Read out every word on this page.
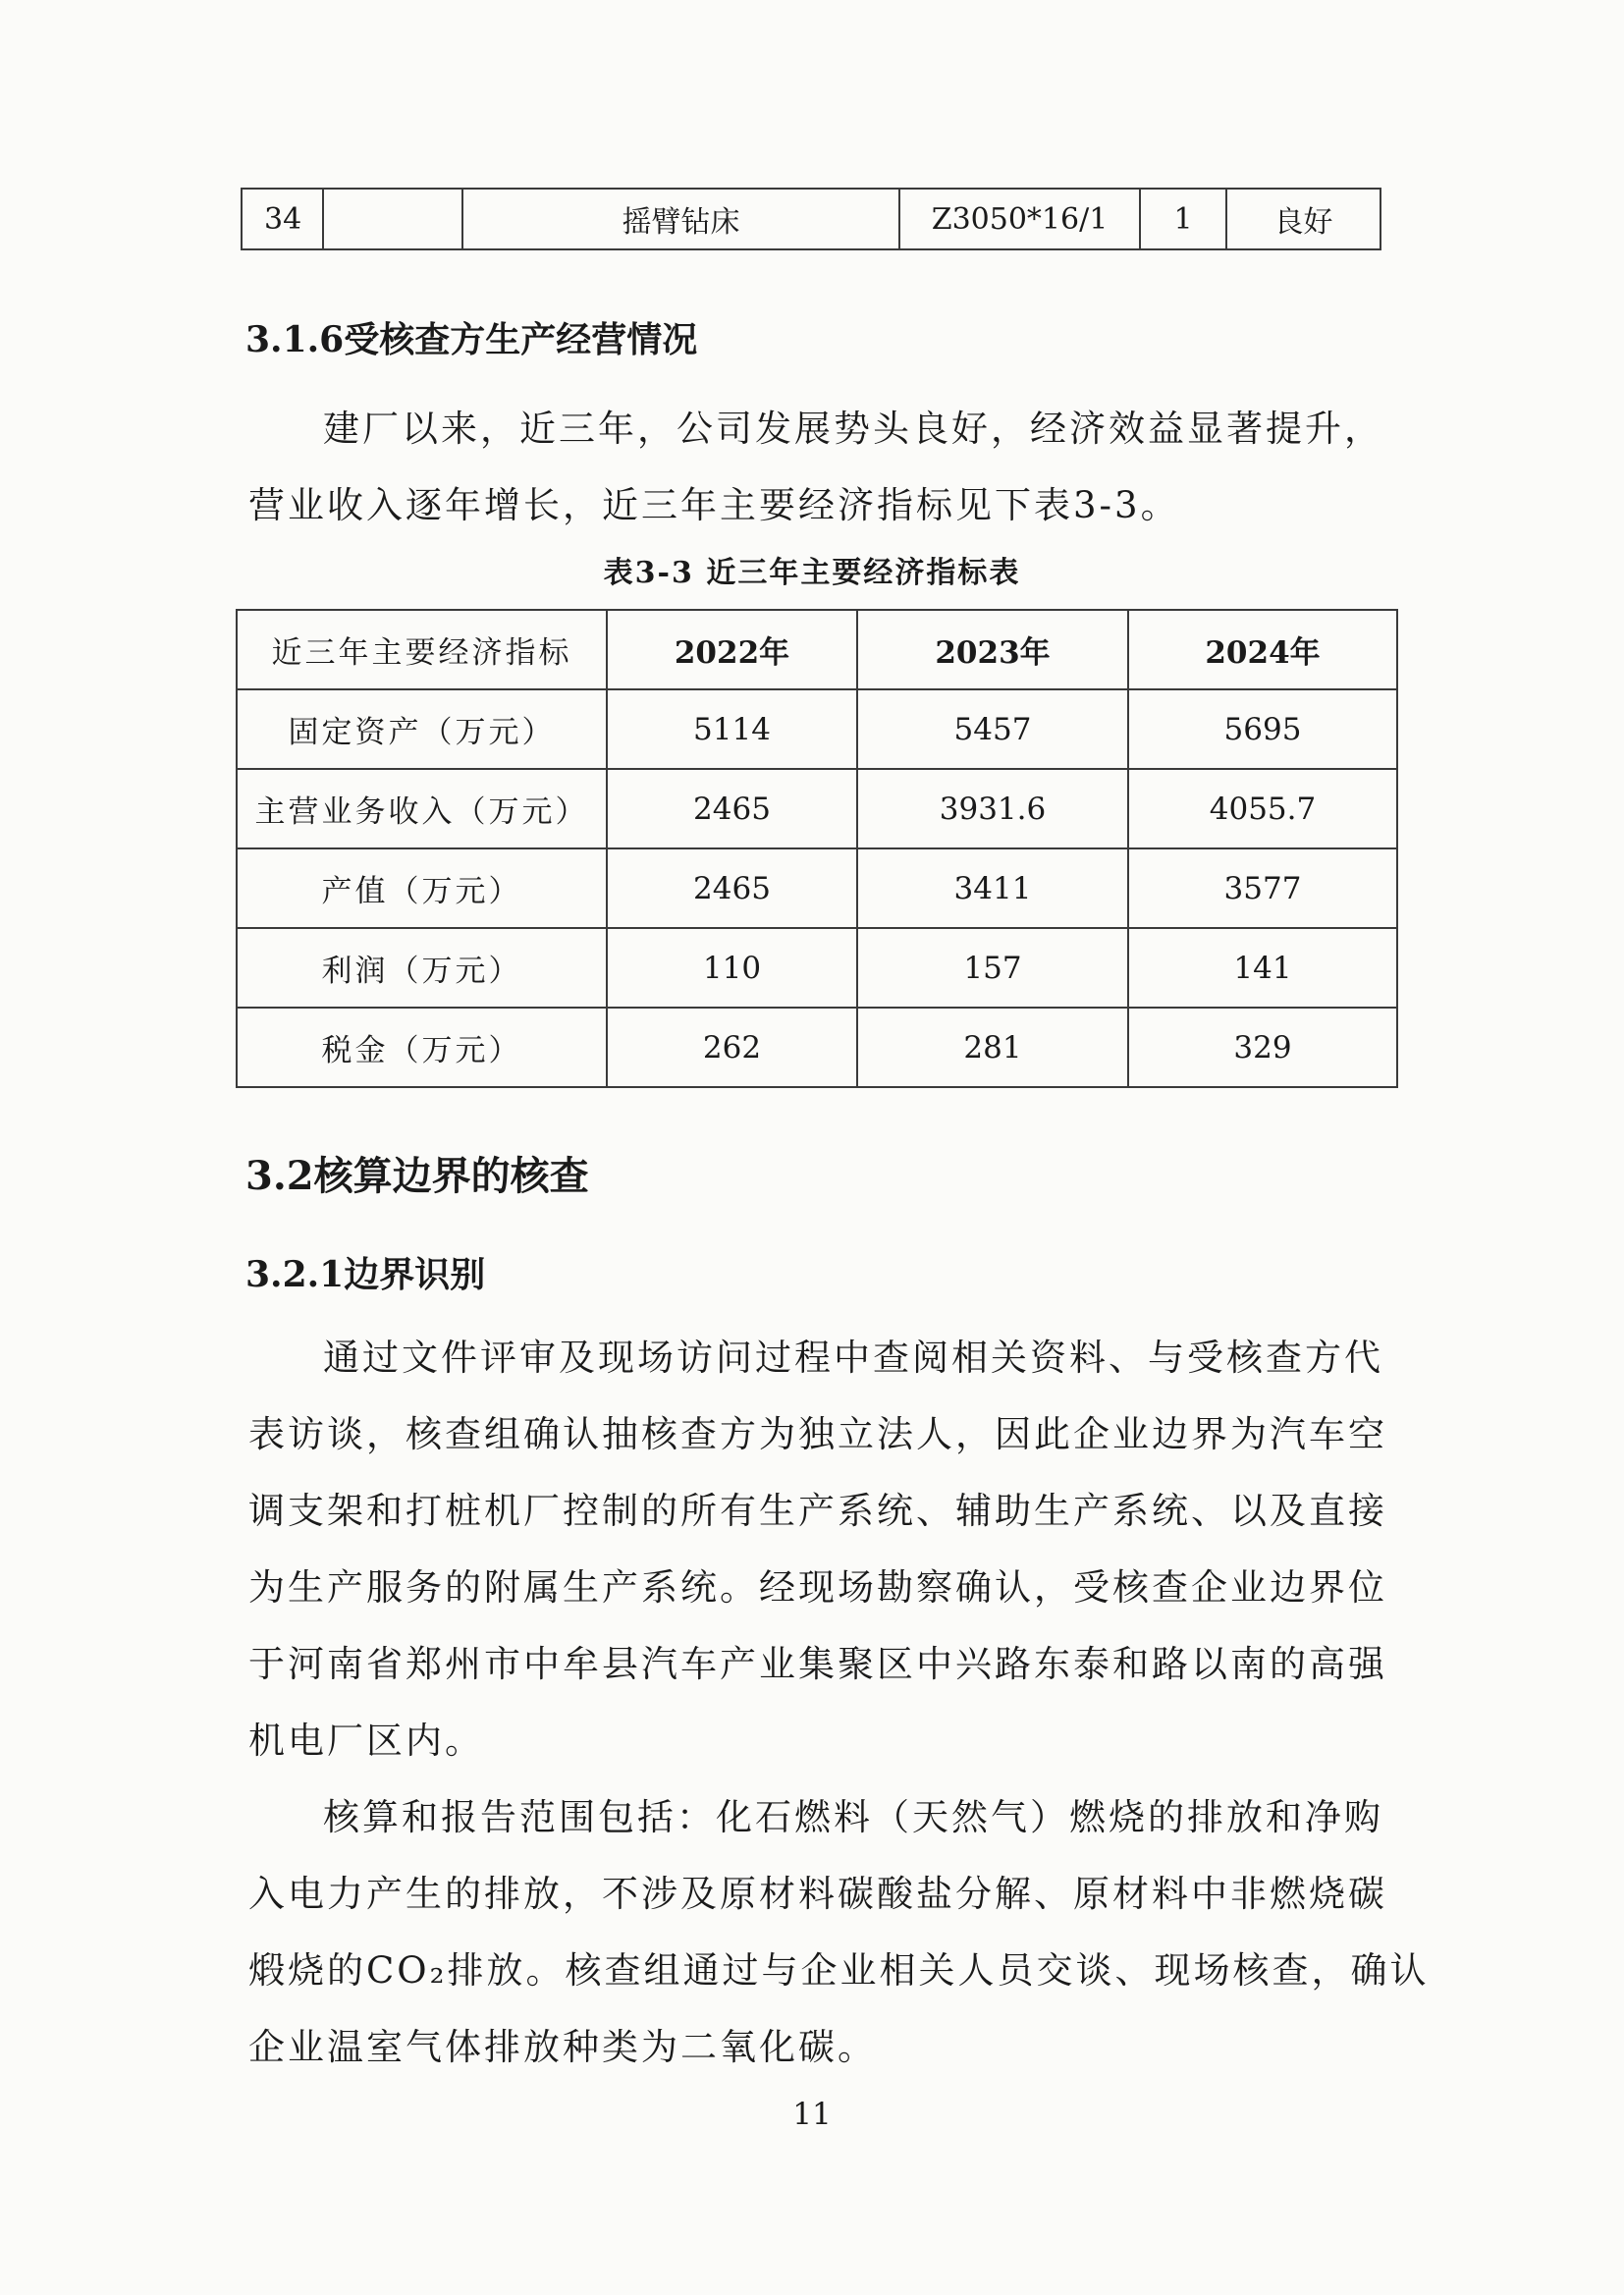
34		摇臂钻床	Z3050*16/1	1	良好
3.1.6受核查方生产经营情况
建厂以来，近三年，公司发展势头良好，经济效益显著提升，
营业收入逐年增长，近三年主要经济指标见下表3-3。
表3-3 近三年主要经济指标表
近三年主要经济指标	2022年	2023年	2024年
固定资产（万元）	5114	5457	5695
主营业务收入（万元）	2465	3931.6	4055.7
产值（万元）	2465	3411	3577
利润（万元）	110	157	141
税金（万元）	262	281	329
3.2核算边界的核查
3.2.1边界识别
通过文件评审及现场访问过程中查阅相关资料、与受核查方代
表访谈，核查组确认抽核查方为独立法人，因此企业边界为汽车空
调支架和打桩机厂控制的所有生产系统、辅助生产系统、以及直接
为生产服务的附属生产系统。经现场勘察确认，受核查企业边界位
于河南省郑州市中牟县汽车产业集聚区中兴路东泰和路以南的高强
机电厂区内。
核算和报告范围包括：化石燃料（天然气）燃烧的排放和净购
入电力产生的排放，不涉及原材料碳酸盐分解、原材料中非燃烧碳
煅烧的CO₂排放。核查组通过与企业相关人员交谈、现场核查，确认
企业温室气体排放种类为二氧化碳。
11
